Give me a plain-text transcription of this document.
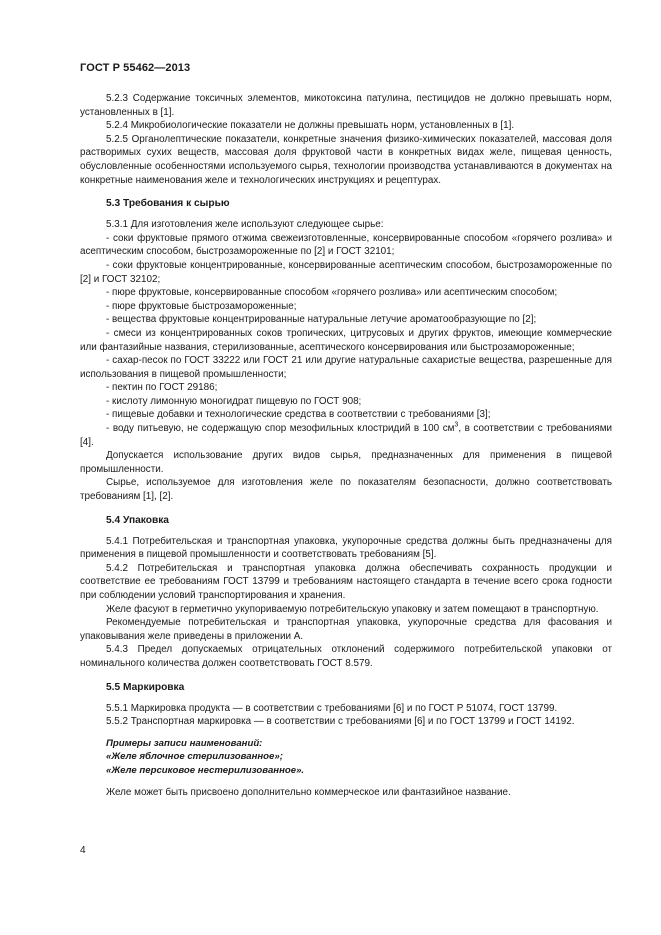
ГОСТ Р 55462—2013

5.2.3 Содержание токсичных элементов, микотоксина патулина, пестицидов не должно превышать норм, установленных в [1].

5.2.4 Микробиологические показатели не должны превышать норм, установленных в [1].

5.2.5 Органолептические показатели, конкретные значения физико-химических показателей, массовая доля растворимых сухих веществ, массовая доля фруктовой части в конкретных видах желе, пищевая ценность, обусловленные особенностями используемого сырья, технологии производства устанавливаются в документах на конкретные наименования желе и технологических инструкциях и рецептурах.

5.3 Требования к сырью

5.3.1 Для изготовления желе используют следующее сырье:

- соки фруктовые прямого отжима свежеизготовленные, консервированные способом «горячего розлива» и асептическим способом, быстрозамороженные по [2] и ГОСТ 32101;

- соки фруктовые концентрированные, консервированные асептическим способом, быстрозамороженные по [2] и ГОСТ 32102;

- пюре фруктовые, консервированные способом «горячего розлива» или асептическим способом;

- пюре фруктовые быстрозамороженные;

- вещества фруктовые концентрированные натуральные летучие ароматообразующие по [2];

- смеси из концентрированных соков тропических, цитрусовых и других фруктов, имеющие коммерческие или фантазийные названия, стерилизованные, асептического консервирования или быстрозамороженные;

- сахар-песок по ГОСТ 33222 или ГОСТ 21 или другие натуральные сахаристые вещества, разрешенные для использования в пищевой промышленности;

- пектин по ГОСТ 29186;

- кислоту лимонную моногидрат пищевую по ГОСТ 908;

- пищевые добавки и технологические средства в соответствии с требованиями [3];

- воду питьевую, не содержащую спор мезофильных клостридий в 100 $см^3$, в соответствии с требованиями [4].

Допускается использование других видов сырья, предназначенных для применения в пищевой промышленности.

Сырье, используемое для изготовления желе по показателям безопасности, должно соответствовать требованиям [1], [2].

5.4 Упаковка

5.4.1 Потребительская и транспортная упаковка, укупорочные средства должны быть предназначены для применения в пищевой промышленности и соответствовать требованиям [5].

5.4.2 Потребительская и транспортная упаковка должна обеспечивать сохранность продукции и соответствие ее требованиям ГОСТ 13799 и требованиям настоящего стандарта в течение всего срока годности при соблюдении условий транспортирования и хранения.

Желе фасуют в герметично укупориваемую потребительскую упаковку и затем помещают в транспортную.

Рекомендуемые потребительская и транспортная упаковка, укупорочные средства для фасования и упаковывания желе приведены в приложении А.

5.4.3 Предел допускаемых отрицательных отклонений содержимого потребительской упаковки от номинального количества должен соответствовать ГОСТ 8.579.

5.5 Маркировка

5.5.1 Маркировка продукта — в соответствии с требованиями [6] и по ГОСТ Р 51074, ГОСТ 13799.

5.5.2 Транспортная маркировка — в соответствии с требованиями [6] и по ГОСТ 13799 и ГОСТ 14192.

Примеры записи наименований:

«Желе яблочное стерилизованное»;

«Желе персиковое нестерилизованное».

Желе может быть присвоено дополнительно коммерческое или фантазийное название.

4
